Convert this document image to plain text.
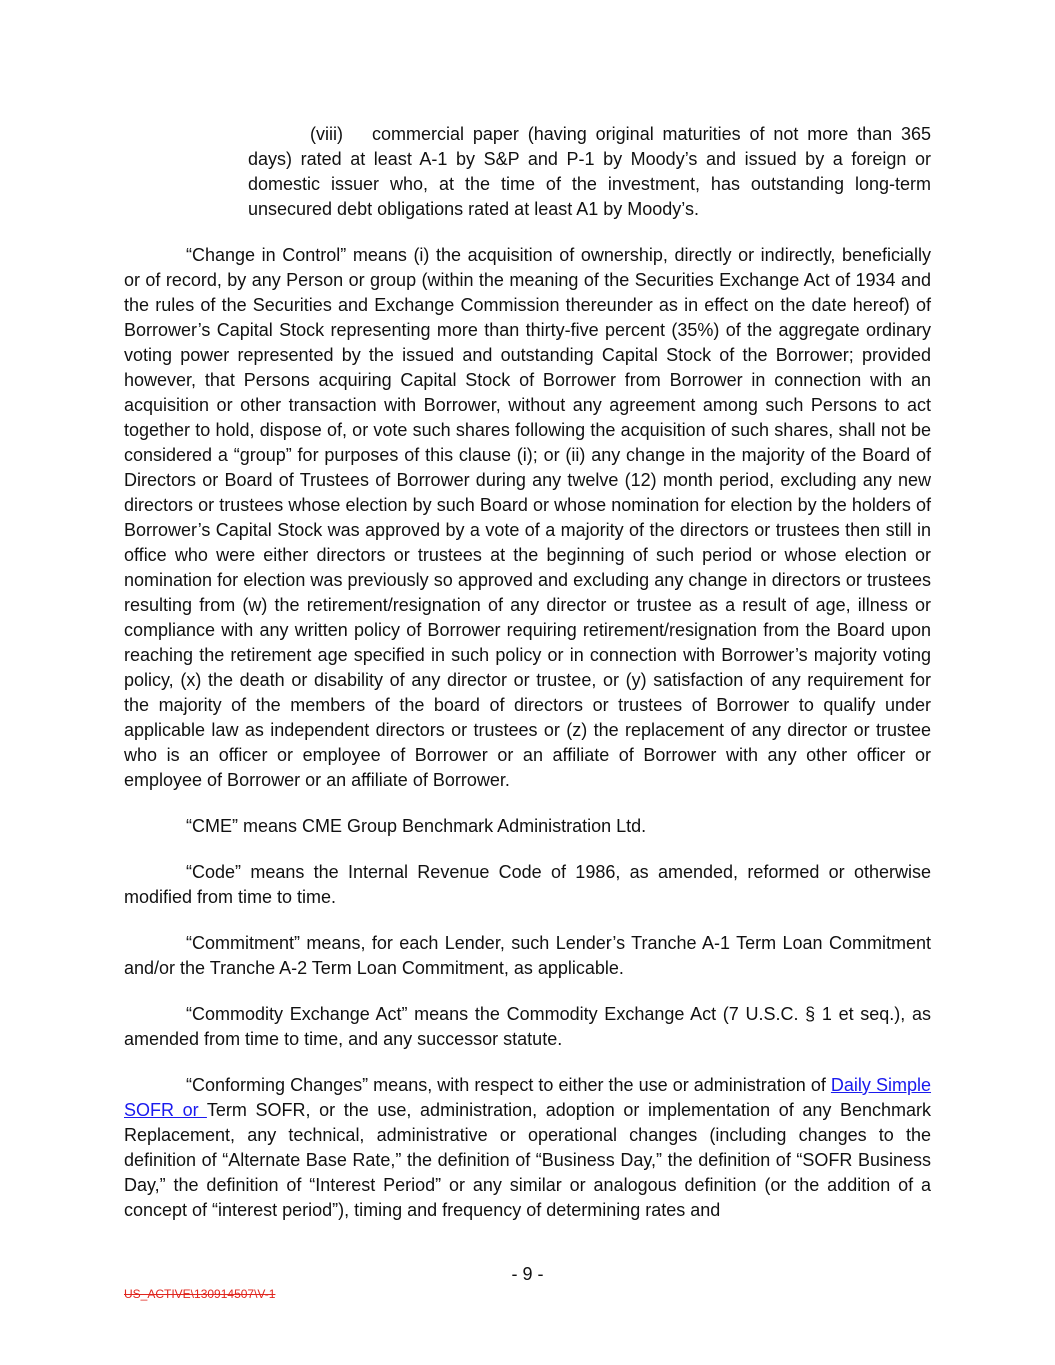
(viii) commercial paper (having original maturities of not more than 365 days) rated at least A-1 by S&P and P-1 by Moody’s and issued by a foreign or domestic issuer who, at the time of the investment, has outstanding long-term unsecured debt obligations rated at least A1 by Moody’s.

“Change in Control” means (i) the acquisition of ownership, directly or indirectly, beneficially or of record, by any Person or group (within the meaning of the Securities Exchange Act of 1934 and the rules of the Securities and Exchange Commission thereunder as in effect on the date hereof) of Borrower’s Capital Stock representing more than thirty-five percent (35%) of the aggregate ordinary voting power represented by the issued and outstanding Capital Stock of the Borrower; provided however, that Persons acquiring Capital Stock of Borrower from Borrower in connection with an acquisition or other transaction with Borrower, without any agreement among such Persons to act together to hold, dispose of, or vote such shares following the acquisition of such shares, shall not be considered a “group” for purposes of this clause (i); or (ii) any change in the majority of the Board of Directors or Board of Trustees of Borrower during any twelve (12) month period, excluding any new directors or trustees whose election by such Board or whose nomination for election by the holders of Borrower’s Capital Stock was approved by a vote of a majority of the directors or trustees then still in office who were either directors or trustees at the beginning of such period or whose election or nomination for election was previously so approved and excluding any change in directors or trustees resulting from (w) the retirement/resignation of any director or trustee as a result of age, illness or compliance with any written policy of Borrower requiring retirement/resignation from the Board upon reaching the retirement age specified in such policy or in connection with Borrower’s majority voting policy, (x) the death or disability of any director or trustee, or (y) satisfaction of any requirement for the majority of the members of the board of directors or trustees of Borrower to qualify under applicable law as independent directors or trustees or (z) the replacement of any director or trustee who is an officer or employee of Borrower or an affiliate of Borrower with any other officer or employee of Borrower or an affiliate of Borrower.

“CME” means CME Group Benchmark Administration Ltd.

“Code” means the Internal Revenue Code of 1986, as amended, reformed or otherwise modified from time to time.

“Commitment” means, for each Lender, such Lender’s Tranche A-1 Term Loan Commitment and/or the Tranche A-2 Term Loan Commitment, as applicable.

“Commodity Exchange Act” means the Commodity Exchange Act (7 U.S.C. § 1 et seq.), as amended from time to time, and any successor statute.

“Conforming Changes” means, with respect to either the use or administration of Daily Simple SOFR or Term SOFR, or the use, administration, adoption or implementation of any Benchmark Replacement, any technical, administrative or operational changes (including changes to the definition of “Alternate Base Rate,” the definition of “Business Day,” the definition of “SOFR Business Day,” the definition of “Interest Period” or any similar or analogous definition (or the addition of a concept of “interest period”), timing and frequency of determining rates and

- 9 -
US_ACTIVE\130914507\V-1
